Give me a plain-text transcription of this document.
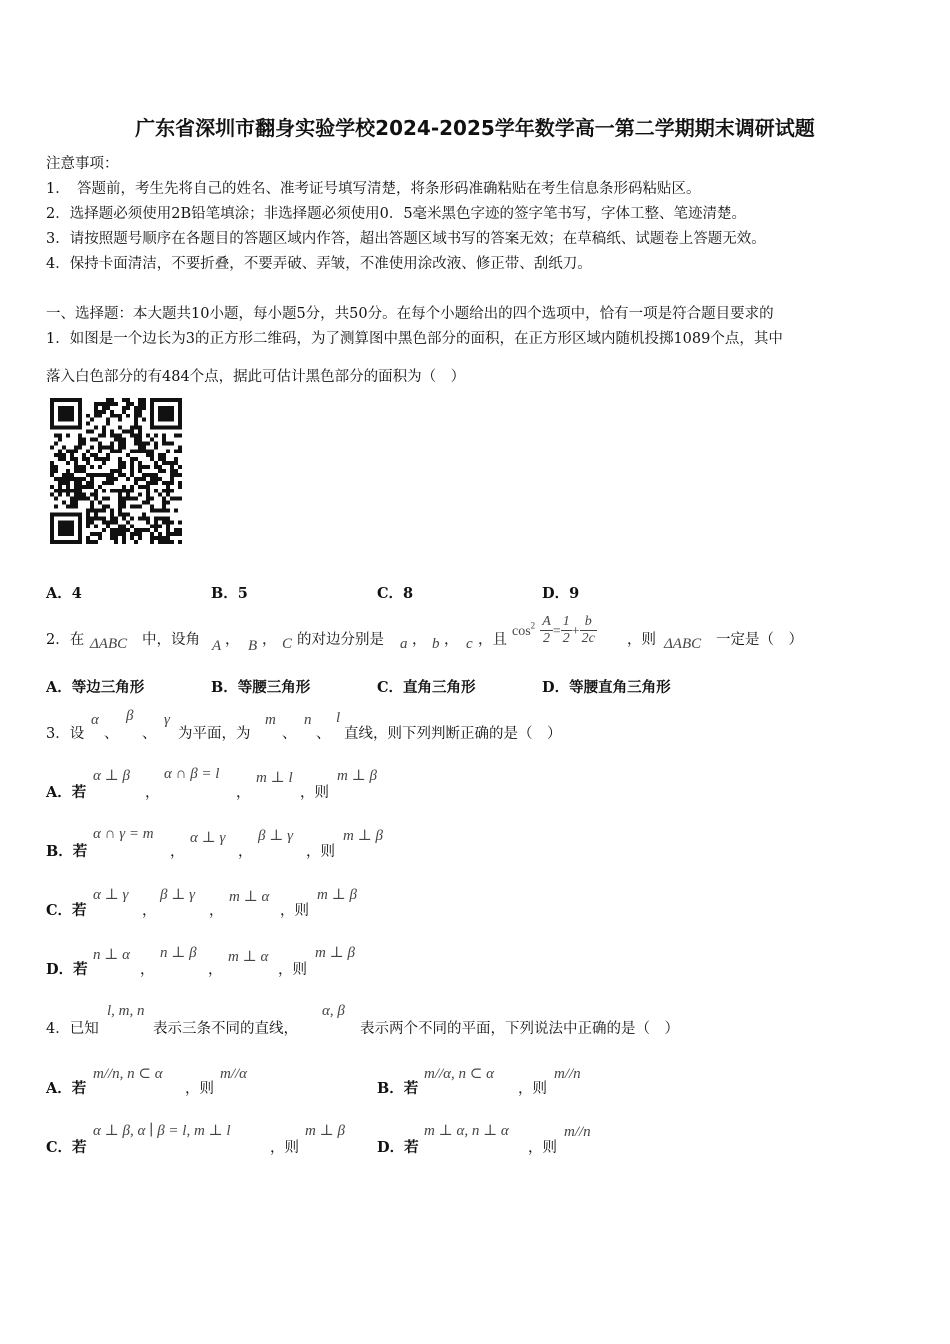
广东省深圳市翻身实验学校2024-2025学年数学高一第二学期期末调研试题
注意事项：
1．　答题前，考生先将自己的姓名、准考证号填写清楚，将条形码准确粘贴在考生信息条形码粘贴区。
2．选择题必须使用2B铅笔填涂；非选择题必须使用0．5毫米黑色字迹的签字笔书写，字体工整、笔迹清楚。
3．请按照题号顺序在各题目的答题区域内作答，超出答题区域书写的答案无效；在草稿纸、试题卷上答题无效。
4．保持卡面清洁，不要折叠，不要弄破、弄皱，不准使用涂改液、修正带、刮纸刀。
一、选择题：本大题共10小题，每小题5分，共50分。在每个小题给出的四个选项中，恰有一项是符合题目要求的
1．如图是一个边长为3的正方形二维码，为了测算图中黑色部分的面积，在正方形区域内随机投掷1089个点，其中
落入白色部分的有484个点，据此可估计黑色部分的面积为（　）
A．4	B．5	C．8	D．9
2．在 ΔABC 中，设角 A ， B ， C 的对边分别是 a ， b ， c ，且
$\cos^2 \frac{A}{2} = \frac{1}{2} + \frac{b}{2c}$ ，则 ΔABC 一定是（　）
A．等边三角形	B．等腰三角形	C．直角三角形	D．等腰直角三角形
3．设
α
、
β
、
γ
为平面，为
m
、
n
、
l
直线，则下列判断正确的是（　）
A．若
α ⊥ β
，
α ∩ β = l
，
m ⊥ l
，则
m ⊥ β
B．若
α ∩ γ = m
，
α ⊥ γ
，
β ⊥ γ
，则
m ⊥ β
C．若
α ⊥ γ
，
β ⊥ γ
，
m ⊥ α
，则
m ⊥ β
D．若
n ⊥ α
，
n ⊥ β
，
m ⊥ α
，则
m ⊥ β
4．已知
l, m, n
表示三条不同的直线，
α, β
表示两个不同的平面，下列说法中正确的是（　）
A．若
m//n, n ⊂ α
，则
m//α
B．若
m//α, n ⊂ α
，则
m//n
C．若
α ⊥ β, α ∣ β = l, m ⊥ l
，则
m ⊥ β
D．若
m ⊥ α, n ⊥ α
，则
m//n
